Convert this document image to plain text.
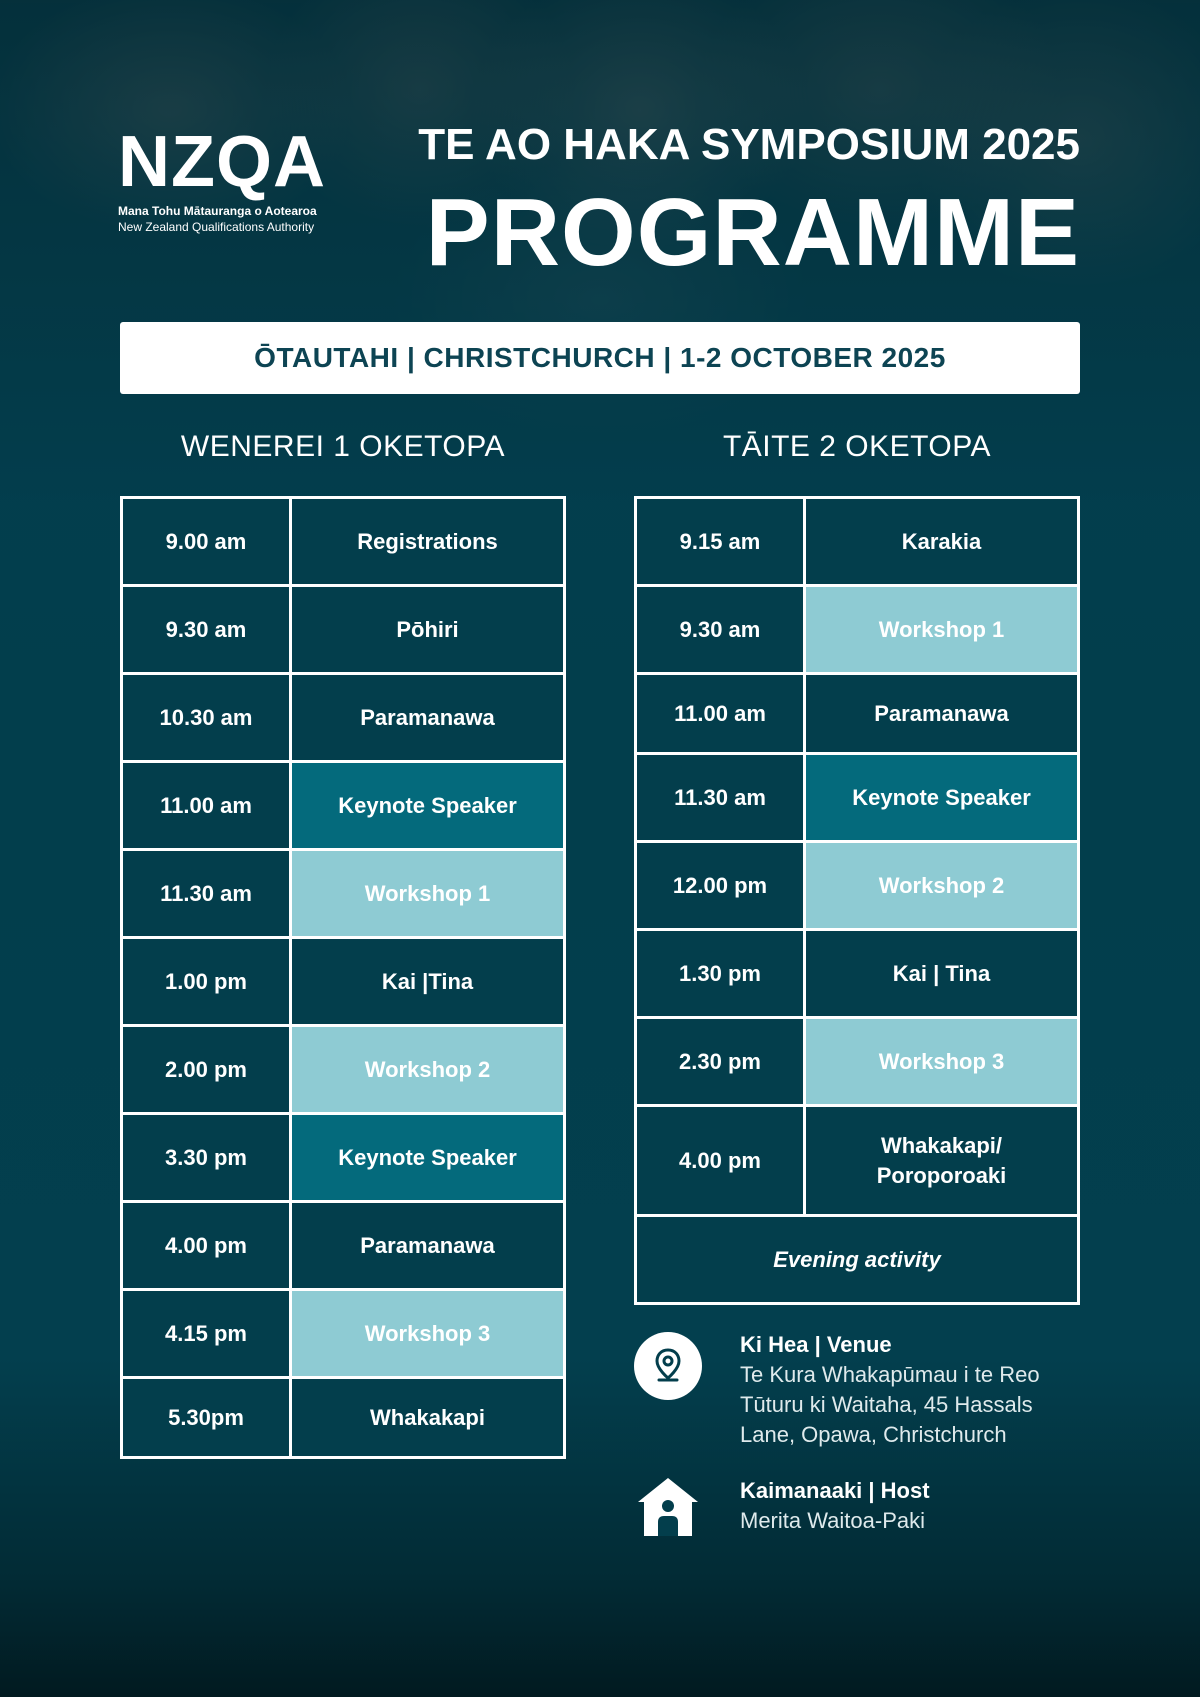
NZQA
Mana Tohu Mātauranga o Aotearoa
New Zealand Qualifications Authority
TE AO HAKA SYMPOSIUM 2025
PROGRAMME
ŌTAUTAHI | CHRISTCHURCH | 1-2 OCTOBER 2025
WENEREI 1 OKETOPA	TĀITE 2 OKETOPA
9.00 am	Registrations
9.30 am	Pōhiri
10.30 am	Paramanawa
11.00 am	Keynote Speaker
11.30 am	Workshop 1
1.00 pm	Kai |Tina
2.00 pm	Workshop 2
3.30 pm	Keynote Speaker
4.00 pm	Paramanawa
4.15 pm	Workshop 3
5.30pm	Whakakapi
9.15 am	Karakia
9.30 am	Workshop 1
11.00 am	Paramanawa
11.30 am	Keynote Speaker
12.00 pm	Workshop 2
1.30 pm	Kai | Tina
2.30 pm	Workshop 3
4.00 pm	Whakakapi/
Poroporoaki

Evening activity	
Ki Hea | Venue
Te Kura Whakapūmau i te Reo
Tūturu ki Waitaha, 45 Hassals
Lane, Opawa, Christchurch
Kaimanaaki | Host
Merita Waitoa-Paki
